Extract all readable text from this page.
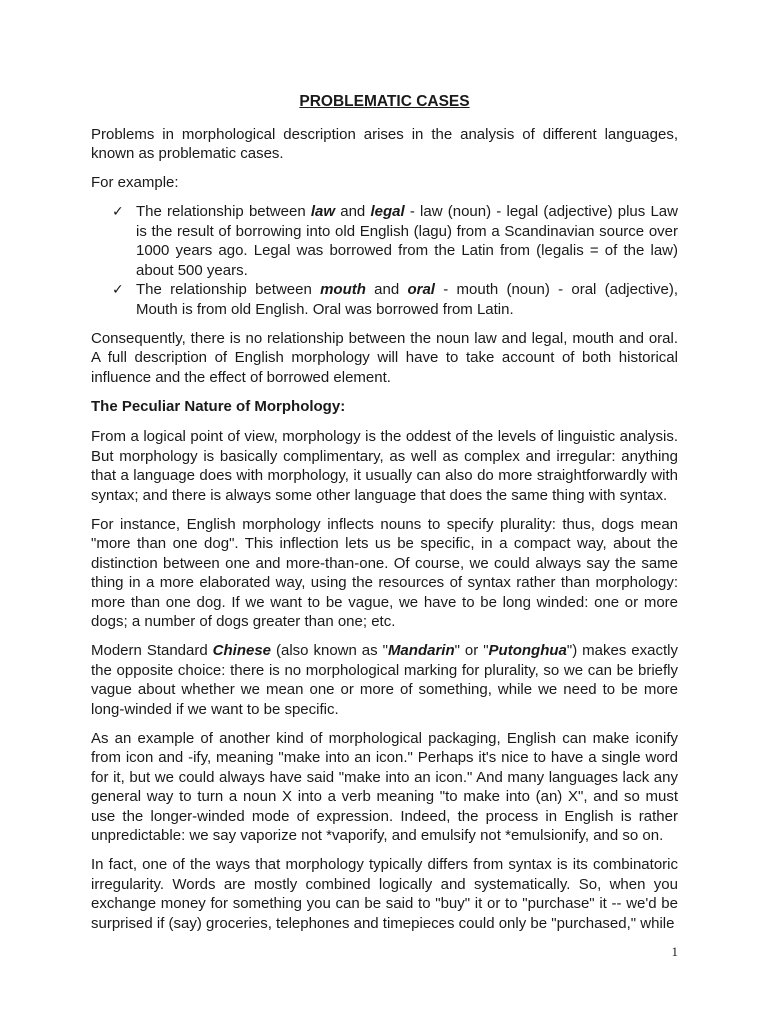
PROBLEMATIC CASES

Problems in morphological description arises in the analysis of different languages, known as problematic cases.

For example:

✓ The relationship between law and legal - law (noun) - legal (adjective) plus Law is the result of borrowing into old English (lagu) from a Scandinavian source over 1000 years ago. Legal was borrowed from the Latin from (legalis = of the law) about 500 years.
✓ The relationship between mouth and oral - mouth (noun) - oral (adjective), Mouth is from old English. Oral was borrowed from Latin.

Consequently, there is no relationship between the noun law and legal, mouth and oral. A full description of English morphology will have to take account of both historical influence and the effect of borrowed element.

The Peculiar Nature of Morphology:

From a logical point of view, morphology is the oddest of the levels of linguistic analysis. But morphology is basically complimentary, as well as complex and irregular: anything that a language does with morphology, it usually can also do more straightforwardly with syntax; and there is always some other language that does the same thing with syntax.

For instance, English morphology inflects nouns to specify plurality: thus, dogs mean "more than one dog". This inflection lets us be specific, in a compact way, about the distinction between one and more-than-one. Of course, we could always say the same thing in a more elaborated way, using the resources of syntax rather than morphology: more than one dog. If we want to be vague, we have to be long winded: one or more dogs; a number of dogs greater than one; etc.

Modern Standard Chinese (also known as "Mandarin" or "Putonghua") makes exactly the opposite choice: there is no morphological marking for plurality, so we can be briefly vague about whether we mean one or more of something, while we need to be more long-winded if we want to be specific.

As an example of another kind of morphological packaging, English can make iconify from icon and -ify, meaning "make into an icon." Perhaps it's nice to have a single word for it, but we could always have said "make into an icon." And many languages lack any general way to turn a noun X into a verb meaning "to make into (an) X", and so must use the longer-winded mode of expression. Indeed, the process in English is rather unpredictable: we say vaporize not *vaporify, and emulsify not *emulsionify, and so on.

In fact, one of the ways that morphology typically differs from syntax is its combinatoric irregularity. Words are mostly combined logically and systematically. So, when you exchange money for something you can be said to "buy" it or to "purchase" it -- we'd be surprised if (say) groceries, telephones and timepieces could only be "purchased," while

1
